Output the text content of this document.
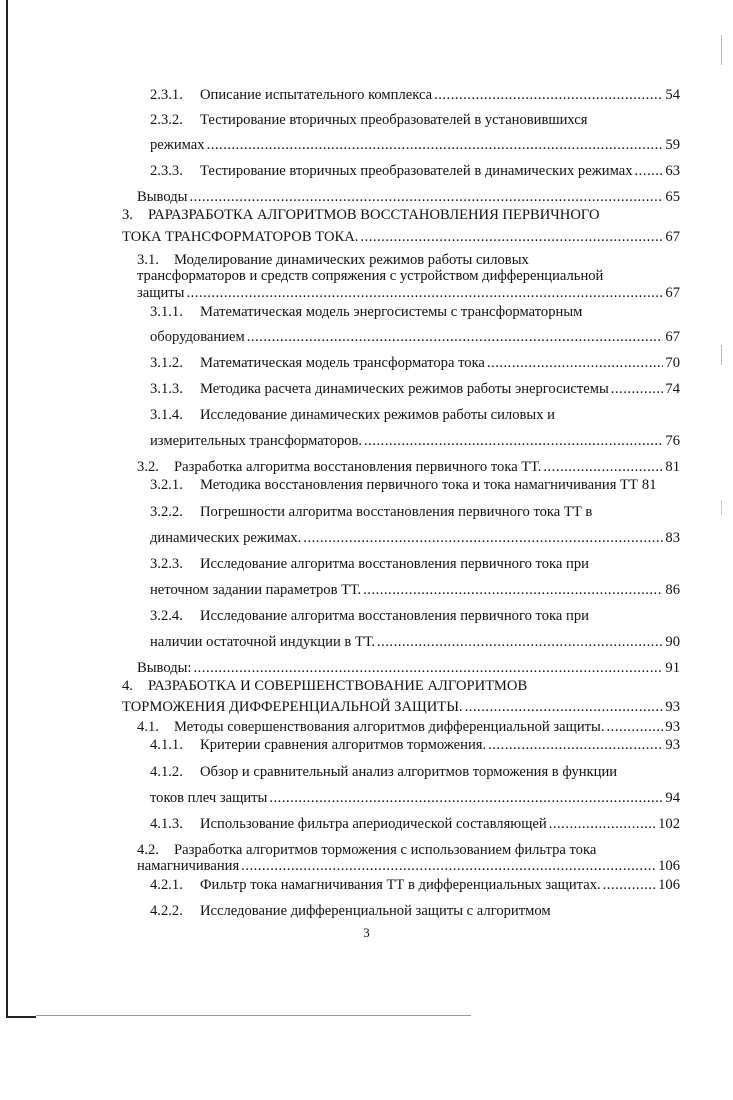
2.3.1. Описание испытательного комплекса .....	54
2.3.2. Тестирование вторичных преобразователей в установившихся
режимах .....	59
2.3.3. Тестирование вторичных преобразователей в динамических режимах ..... 63
Выводы .....	65
3. РАРАЗРАБОТКА АЛГОРИТМОВ ВОССТАНОВЛЕНИЯ ПЕРВИЧНОГО
ТОКА ТРАНСФОРМАТОРОВ ТОКА. .....	67
3.1. Моделирование динамических режимов работы силовых
трансформаторов и средств сопряжения с устройством дифференциальной
защиты .....	67
3.1.1. Математическая модель энергосистемы с трансформаторным
оборудованием .....	67
3.1.2. Математическая модель трансформатора тока .....	70
3.1.3. Методика расчета динамических режимов работы энергосистемы .....	74
3.1.4. Исследование динамических режимов работы силовых и
измерительных трансформаторов. .....	76
3.2. Разработка алгоритма восстановления первичного тока ТТ. .....	81
3.2.1. Методика восстановления первичного тока и тока намагничивания ТТ 81
3.2.2. Погрешности алгоритма восстановления первичного тока ТТ в
динамических режимах. .....	83
3.2.3. Исследование алгоритма восстановления первичного тока при
неточном задании параметров ТТ. .....	86
3.2.4. Исследование алгоритма восстановления первичного тока при
наличии остаточной индукции в ТТ. .....	90
Выводы: .....	91
4. РАЗРАБОТКА И СОВЕРШЕНСТВОВАНИЕ АЛГОРИТМОВ
ТОРМОЖЕНИЯ ДИФФЕРЕНЦИАЛЬНОЙ ЗАЩИТЫ. .....	93
4.1. Методы совершенствования алгоритмов дифференциальной защиты. .....	93
4.1.1. Критерии сравнения алгоритмов торможения. .....	93
4.1.2. Обзор и сравнительный анализ алгоритмов торможения в функции
токов плеч защиты .....	94
4.1.3. Использование фильтра апериодической составляющей .....	102
4.2. Разработка алгоритмов торможения с использованием фильтра тока
намагничивания .....	106
4.2.1. Фильтр тока намагничивания ТТ в дифференциальных защитах. .....	106
4.2.2. Исследование дифференциальной защиты с алгоритмом
3
